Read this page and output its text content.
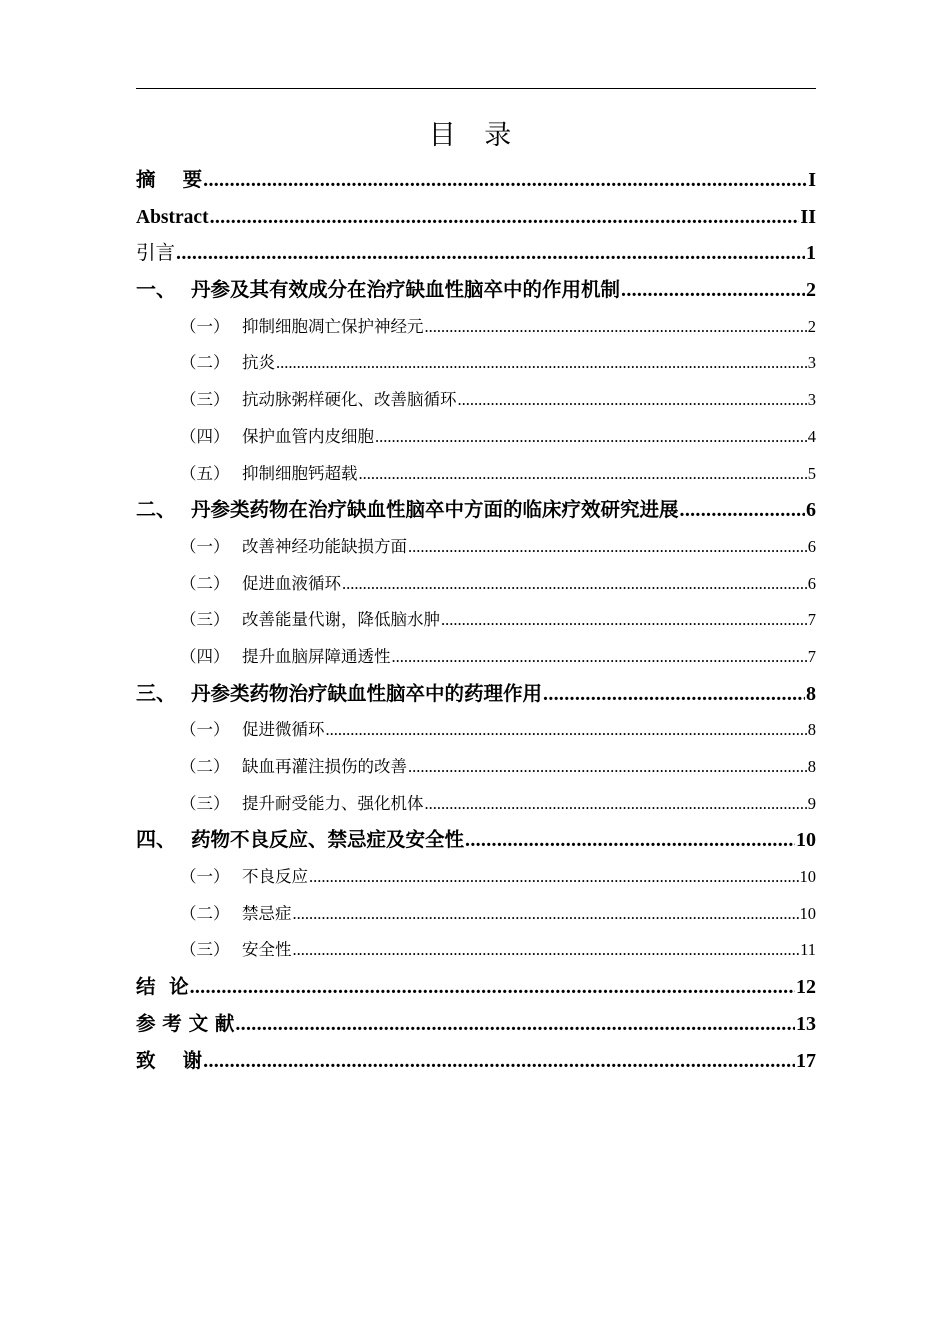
目 录
摘    要 .....	I
Abstract .....	II
引言 .....	1
一、 丹参及其有效成分在治疗缺血性脑卒中的作用机制 .....	2
（一） 抑制细胞凋亡保护神经元 .....	2
（二） 抗炎 .....	3
（三） 抗动脉粥样硬化、改善脑循环 .....	3
（四） 保护血管内皮细胞 .....	4
（五） 抑制细胞钙超载 .....	5
二、 丹参类药物在治疗缺血性脑卒中方面的临床疗效研究进展 .....	6
（一） 改善神经功能缺损方面 .....	6
（二） 促进血液循环 .....	6
（三） 改善能量代谢，降低脑水肿 .....	7
（四） 提升血脑屏障通透性 .....	7
三、 丹参类药物治疗缺血性脑卒中的药理作用 .....	8
（一） 促进微循环 .....	8
（二） 缺血再灌注损伤的改善 .....	8
（三） 提升耐受能力、强化机体 .....	9
四、 药物不良反应、禁忌症及安全性 .....	10
（一） 不良反应 .....	10
（二） 禁忌症 .....	10
（三） 安全性 .....	11
结  论 .....	12
参 考 文 献 .....	13
致    谢 .....	17
